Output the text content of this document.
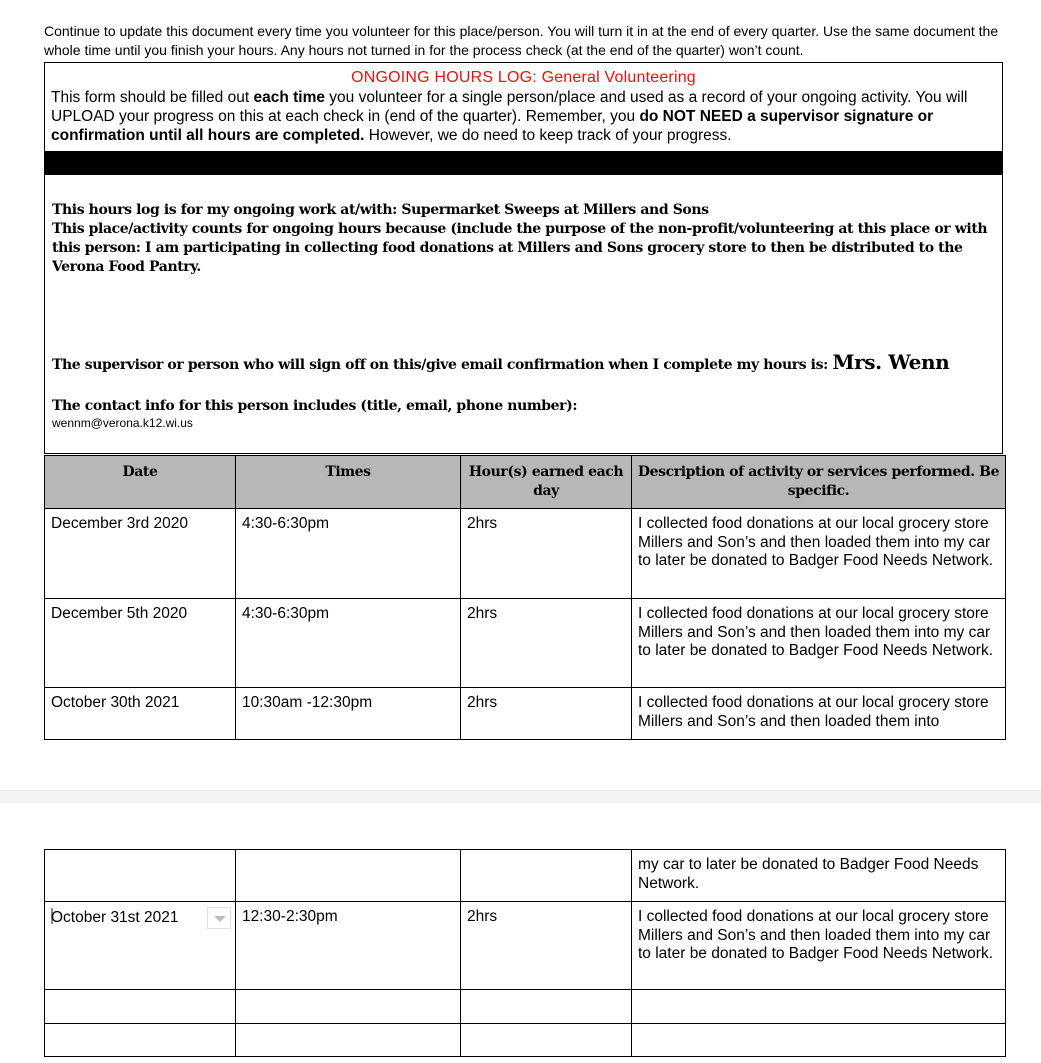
Continue to update this document every time you volunteer for this place/person. You will turn it in at the end of every quarter. Use the same document the whole time until you finish your hours. Any hours not turned in for the process check (at the end of the quarter) won’t count.
ONGOING HOURS LOG: General Volunteering
This form should be filled out each time you volunteer for a single person/place and used as a record of your ongoing activity. You will UPLOAD your progress on this at each check in (end of the quarter). Remember, you do NOT NEED a supervisor signature or confirmation until all hours are completed. However, we do need to keep track of your progress.
This hours log is for my ongoing work at/with: Supermarket Sweeps at Millers and Sons
This place/activity counts for ongoing hours because (include the purpose of the non-profit/volunteering at this place or with this person: I am participating in collecting food donations at Millers and Sons grocery store to then be distributed to the Verona Food Pantry.
The supervisor or person who will sign off on this/give email confirmation when I complete my hours is: Mrs. Wenn
The contact info for this person includes (title, email, phone number):
wennm@verona.k12.wi.us
Date	Times	Hour(s) earned each day	Description of activity or services performed. Be specific.
December 3rd 2020	4:30-6:30pm	2hrs	I collected food donations at our local grocery store Millers and Son’s and then loaded them into my car to later be donated to Badger Food Needs Network.
December 5th 2020	4:30-6:30pm	2hrs	I collected food donations at our local grocery store Millers and Son’s and then loaded them into my car to later be donated to Badger Food Needs Network.
October 30th 2021	10:30am -12:30pm	2hrs	I collected food donations at our local grocery store Millers and Son’s and then loaded them into
			my car to later be donated to Badger Food Needs Network.
October 31st 2021	12:30-2:30pm	2hrs	I collected food donations at our local grocery store Millers and Son’s and then loaded them into my car to later be donated to Badger Food Needs Network.
